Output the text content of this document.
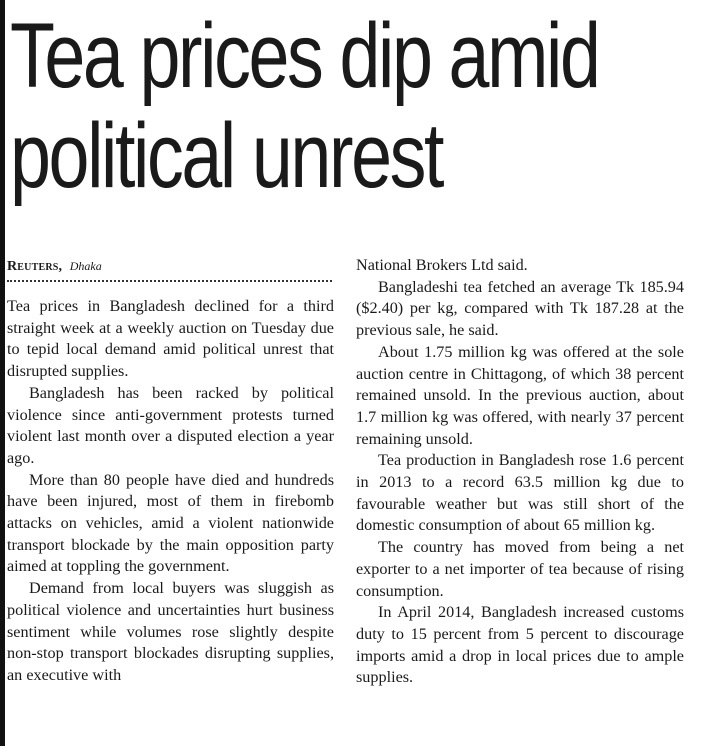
Tea prices dip amid
political unrest
Reuters, Dhaka

Tea prices in Bangladesh declined for a third straight week at a weekly auction on Tuesday due to tepid local demand amid political unrest that disrupted supplies.

Bangladesh has been racked by political violence since anti-government protests turned violent last month over a disputed election a year ago.

More than 80 people have died and hundreds have been injured, most of them in firebomb attacks on vehicles, amid a violent nationwide transport blockade by the main opposition party aimed at toppling the government.

Demand from local buyers was sluggish as political violence and uncertainties hurt business sentiment while volumes rose slightly despite non-stop transport blockades disrupting supplies, an executive with

National Brokers Ltd said.

Bangladeshi tea fetched an average Tk 185.94 ($2.40) per kg, compared with Tk 187.28 at the previous sale, he said.

About 1.75 million kg was offered at the sole auction centre in Chittagong, of which 38 percent remained unsold. In the previous auction, about 1.7 million kg was offered, with nearly 37 percent remaining unsold.

Tea production in Bangladesh rose 1.6 percent in 2013 to a record 63.5 million kg due to favourable weather but was still short of the domestic consumption of about 65 million kg.

The country has moved from being a net exporter to a net importer of tea because of rising consumption.

In April 2014, Bangladesh increased customs duty to 15 percent from 5 percent to discourage imports amid a drop in local prices due to ample supplies.
